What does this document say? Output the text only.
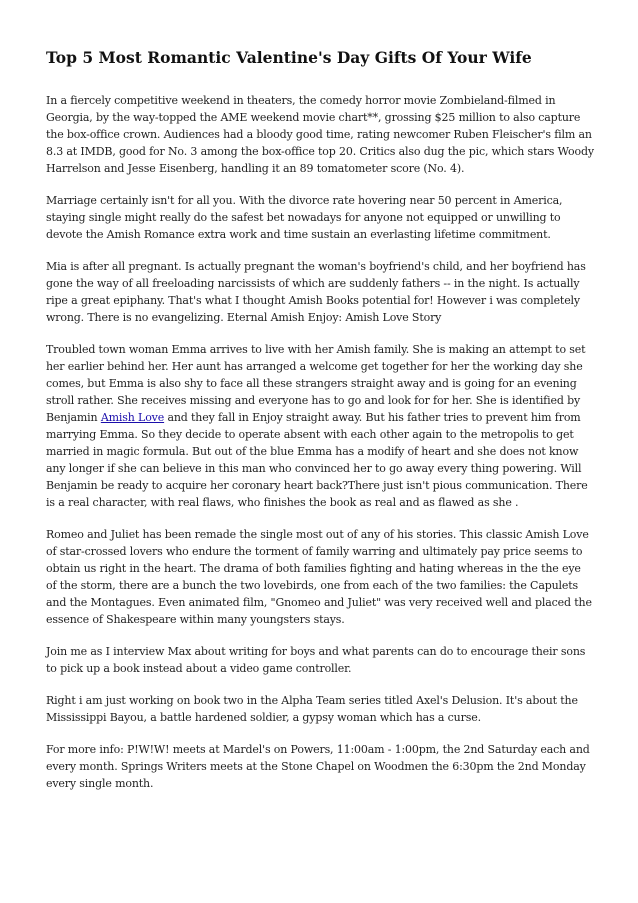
Top 5 Most Romantic Valentine's Day Gifts Of Your Wife

In a fiercely competitive weekend in theaters, the comedy horror movie Zombieland-filmed in Georgia, by the way-topped the AME weekend movie chart**, grossing $25 million to also capture the box-office crown. Audiences had a bloody good time, rating newcomer Ruben Fleischer's film an 8.3 at IMDB, good for No. 3 among the box-office top 20. Critics also dug the pic, which stars Woody Harrelson and Jesse Eisenberg, handling it an 89 tomatometer score (No. 4).

Marriage certainly isn't for all you. With the divorce rate hovering near 50 percent in America, staying single might really do the safest bet nowadays for anyone not equipped or unwilling to devote the Amish Romance extra work and time sustain an everlasting lifetime commitment.

Mia is after all pregnant. Is actually pregnant the woman's boyfriend's child, and her boyfriend has gone the way of all freeloading narcissists of which are suddenly fathers -- in the night. Is actually ripe a great epiphany. That's what I thought Amish Books potential for! However i was completely wrong. There is no evangelizing. Eternal Amish Enjoy: Amish Love Story

Troubled town woman Emma arrives to live with her Amish family. She is making an attempt to set her earlier behind her. Her aunt has arranged a welcome get together for her the working day she comes, but Emma is also shy to face all these strangers straight away and is going for an evening stroll rather. She receives missing and everyone has to go and look for for her. She is identified by Benjamin Amish Love and they fall in Enjoy straight away. But his father tries to prevent him from marrying Emma. So they decide to operate absent with each other again to the metropolis to get married in magic formula. But out of the blue Emma has a modify of heart and she does not know any longer if she can believe in this man who convinced her to go away every thing powering. Will Benjamin be ready to acquire her coronary heart back?There just isn't pious communication. There is a real character, with real flaws, who finishes the book as real and as flawed as she .

Romeo and Juliet has been remade the single most out of any of his stories. This classic Amish Love of star-crossed lovers who endure the torment of family warring and ultimately pay price seems to obtain us right in the heart. The drama of both families fighting and hating whereas in the the eye of the storm, there are a bunch the two lovebirds, one from each of the two families: the Capulets and the Montagues. Even animated film, "Gnomeo and Juliet" was very received well and placed the essence of Shakespeare within many youngsters stays.

Join me as I interview Max about writing for boys and what parents can do to encourage their sons to pick up a book instead about a video game controller.

Right i am just working on book two in the Alpha Team series titled Axel's Delusion. It's about the Mississippi Bayou, a battle hardened soldier, a gypsy woman which has a curse.

For more info: P!W!W! meets at Mardel's on Powers, 11:00am - 1:00pm, the 2nd Saturday each and every month. Springs Writers meets at the Stone Chapel on Woodmen the 6:30pm the 2nd Monday every single month.
